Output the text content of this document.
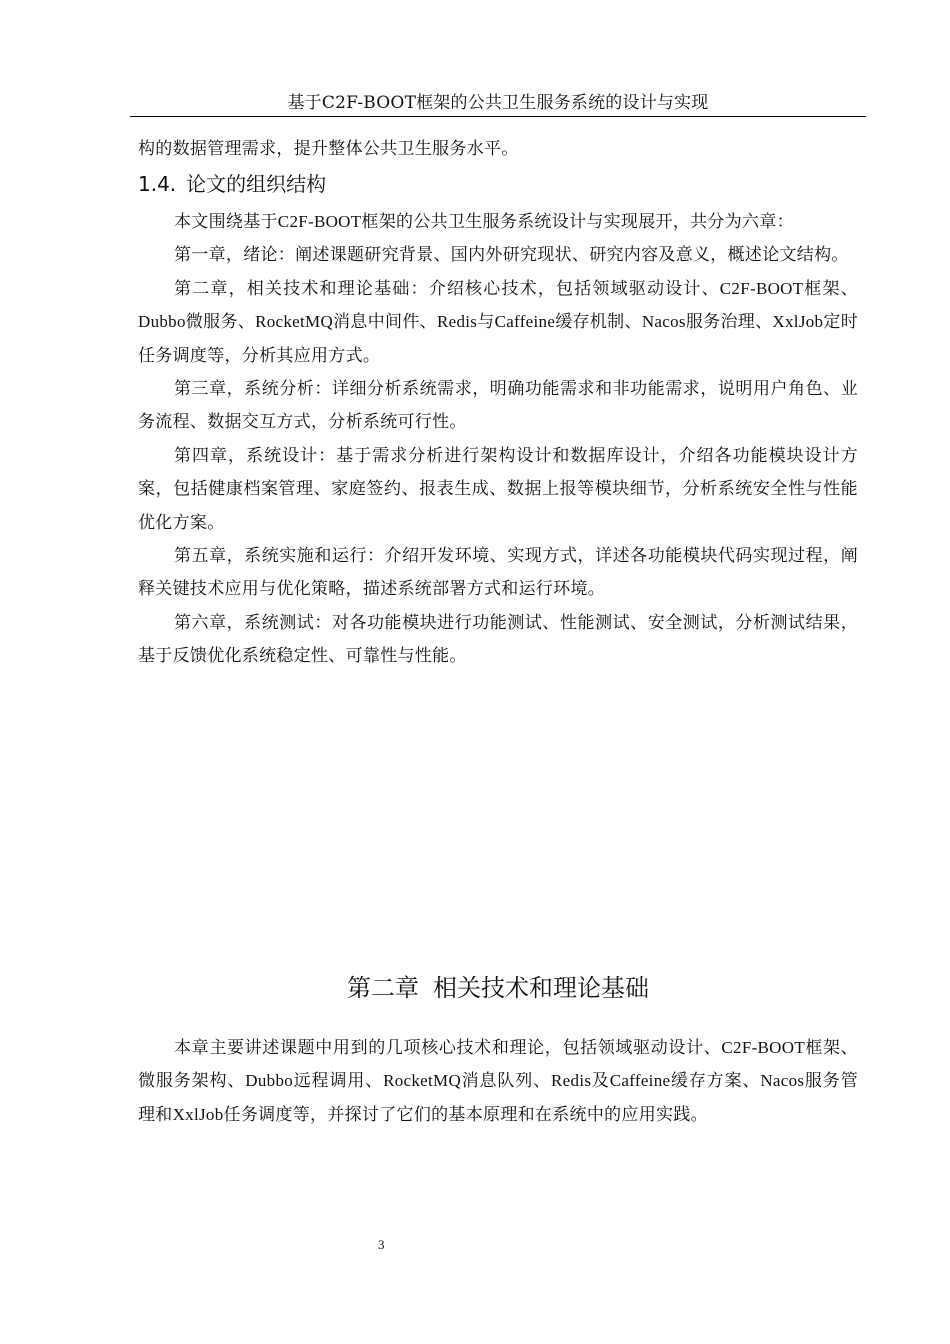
基于C2F-BOOT框架的公共卫生服务系统的设计与实现

构的数据管理需求，提升整体公共卫生服务水平。

1.4. 论文的组织结构

本文围绕基于C2F-BOOT框架的公共卫生服务系统设计与实现展开，共分为六章：

第一章，绪论：阐述课题研究背景、国内外研究现状、研究内容及意义，概述论文结构。

第二章，相关技术和理论基础：介绍核心技术，包括领域驱动设计、C2F-BOOT框架、Dubbo微服务、RocketMQ消息中间件、Redis与Caffeine缓存机制、Nacos服务治理、XxlJob定时任务调度等，分析其应用方式。

第三章，系统分析：详细分析系统需求，明确功能需求和非功能需求，说明用户角色、业务流程、数据交互方式，分析系统可行性。

第四章，系统设计：基于需求分析进行架构设计和数据库设计，介绍各功能模块设计方案，包括健康档案管理、家庭签约、报表生成、数据上报等模块细节，分析系统安全性与性能优化方案。

第五章，系统实施和运行：介绍开发环境、实现方式，详述各功能模块代码实现过程，阐释关键技术应用与优化策略，描述系统部署方式和运行环境。

第六章，系统测试：对各功能模块进行功能测试、性能测试、安全测试，分析测试结果，基于反馈优化系统稳定性、可靠性与性能。

第二章 相关技术和理论基础

本章主要讲述课题中用到的几项核心技术和理论，包括领域驱动设计、C2F-BOOT框架、微服务架构、Dubbo远程调用、RocketMQ消息队列、Redis及Caffeine缓存方案、Nacos服务管理和XxlJob任务调度等，并探讨了它们的基本原理和在系统中的应用实践。

3
